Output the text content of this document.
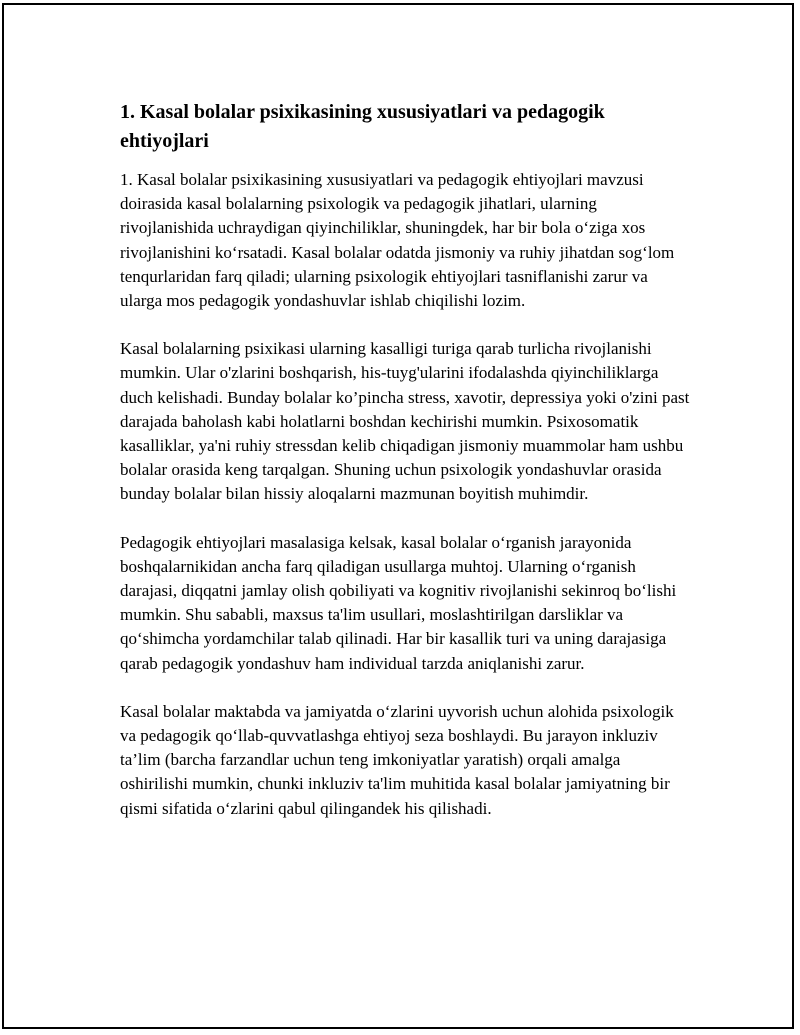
1. Kasal bolalar psixikasining xususiyatlari va pedagogik ehtiyojlari

1. Kasal bolalar psixikasining xususiyatlari va pedagogik ehtiyojlari mavzusi doirasida kasal bolalarning psixologik va pedagogik jihatlari, ularning rivojlanishida uchraydigan qiyinchiliklar, shuningdek, har bir bola o‘ziga xos rivojlanishini ko‘rsatadi. Kasal bolalar odatda jismoniy va ruhiy jihatdan sog‘lom tenqurlaridan farq qiladi; ularning psixologik ehtiyojlari tasniflanishi zarur va ularga mos pedagogik yondashuvlar ishlab chiqilishi lozim.

Kasal bolalarning psixikasi ularning kasalligi turiga qarab turlicha rivojlanishi mumkin. Ular o'zlarini boshqarish, his-tuyg'ularini ifodalashda qiyinchiliklarga duch kelishadi. Bunday bolalar ko’pincha stress, xavotir, depressiya yoki o'zini past darajada baholash kabi holatlarni boshdan kechirishi mumkin. Psixosomatik kasalliklar, ya'ni ruhiy stressdan kelib chiqadigan jismoniy muammolar ham ushbu bolalar orasida keng tarqalgan. Shuning uchun psixologik yondashuvlar orasida bunday bolalar bilan hissiy aloqalarni mazmunan boyitish muhimdir.

Pedagogik ehtiyojlari masalasiga kelsak, kasal bolalar o‘rganish jarayonida boshqalarnikidan ancha farq qiladigan usullarga muhtoj. Ularning o‘rganish darajasi, diqqatni jamlay olish qobiliyati va kognitiv rivojlanishi sekinroq bo‘lishi mumkin. Shu sababli, maxsus ta'lim usullari, moslashtirilgan darsliklar va qo‘shimcha yordamchilar talab qilinadi. Har bir kasallik turi va uning darajasiga qarab pedagogik yondashuv ham individual tarzda aniqlanishi zarur.

Kasal bolalar maktabda va jamiyatda o‘zlarini uyvorish uchun alohida psixologik va pedagogik qo‘llab-quvvatlashga ehtiyoj seza boshlaydi. Bu jarayon inkluziv ta’lim (barcha farzandlar uchun teng imkoniyatlar yaratish) orqali amalga oshirilishi mumkin, chunki inkluziv ta'lim muhitida kasal bolalar jamiyatning bir qismi sifatida o‘zlarini qabul qilingandek his qilishadi.
